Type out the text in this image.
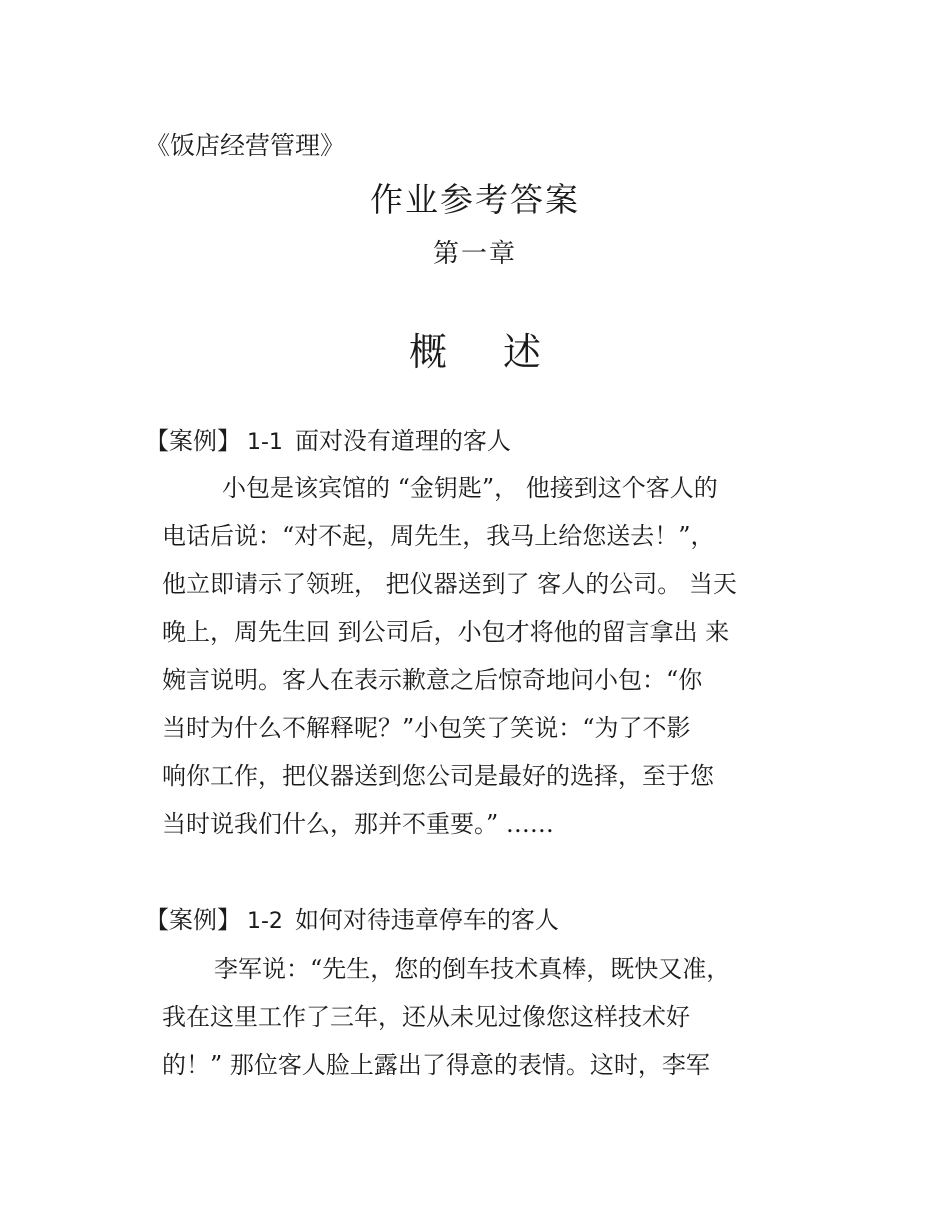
《饭店经营管理》
作业参考答案
第一章
概 述
【案例】 1-1 面对没有道理的客人
小包是该宾馆的 “金钥匙”， 他接到这个客人的
电话后说：“对不起，周先生，我马上给您送去！”，
他立即请示了领班， 把仪器送到了 客人的公司。 当天
晚上，周先生回 到公司后，小包才将他的留言拿出 来
婉言说明。客人在表示歉意之后惊奇地问小包：“你
当时为什么不解释呢？”小包笑了笑说：“为了不影
响你工作，把仪器送到您公司是最好的选择，至于您
当时说我们什么，那并不重要。” ……
【案例】 1-2 如何对待违章停车的客人
李军说：“先生，您的倒车技术真棒，既快又准，
我在这里工作了三年，还从未见过像您这样技术好
的！” 那位客人脸上露出了得意的表情。这时，李军
